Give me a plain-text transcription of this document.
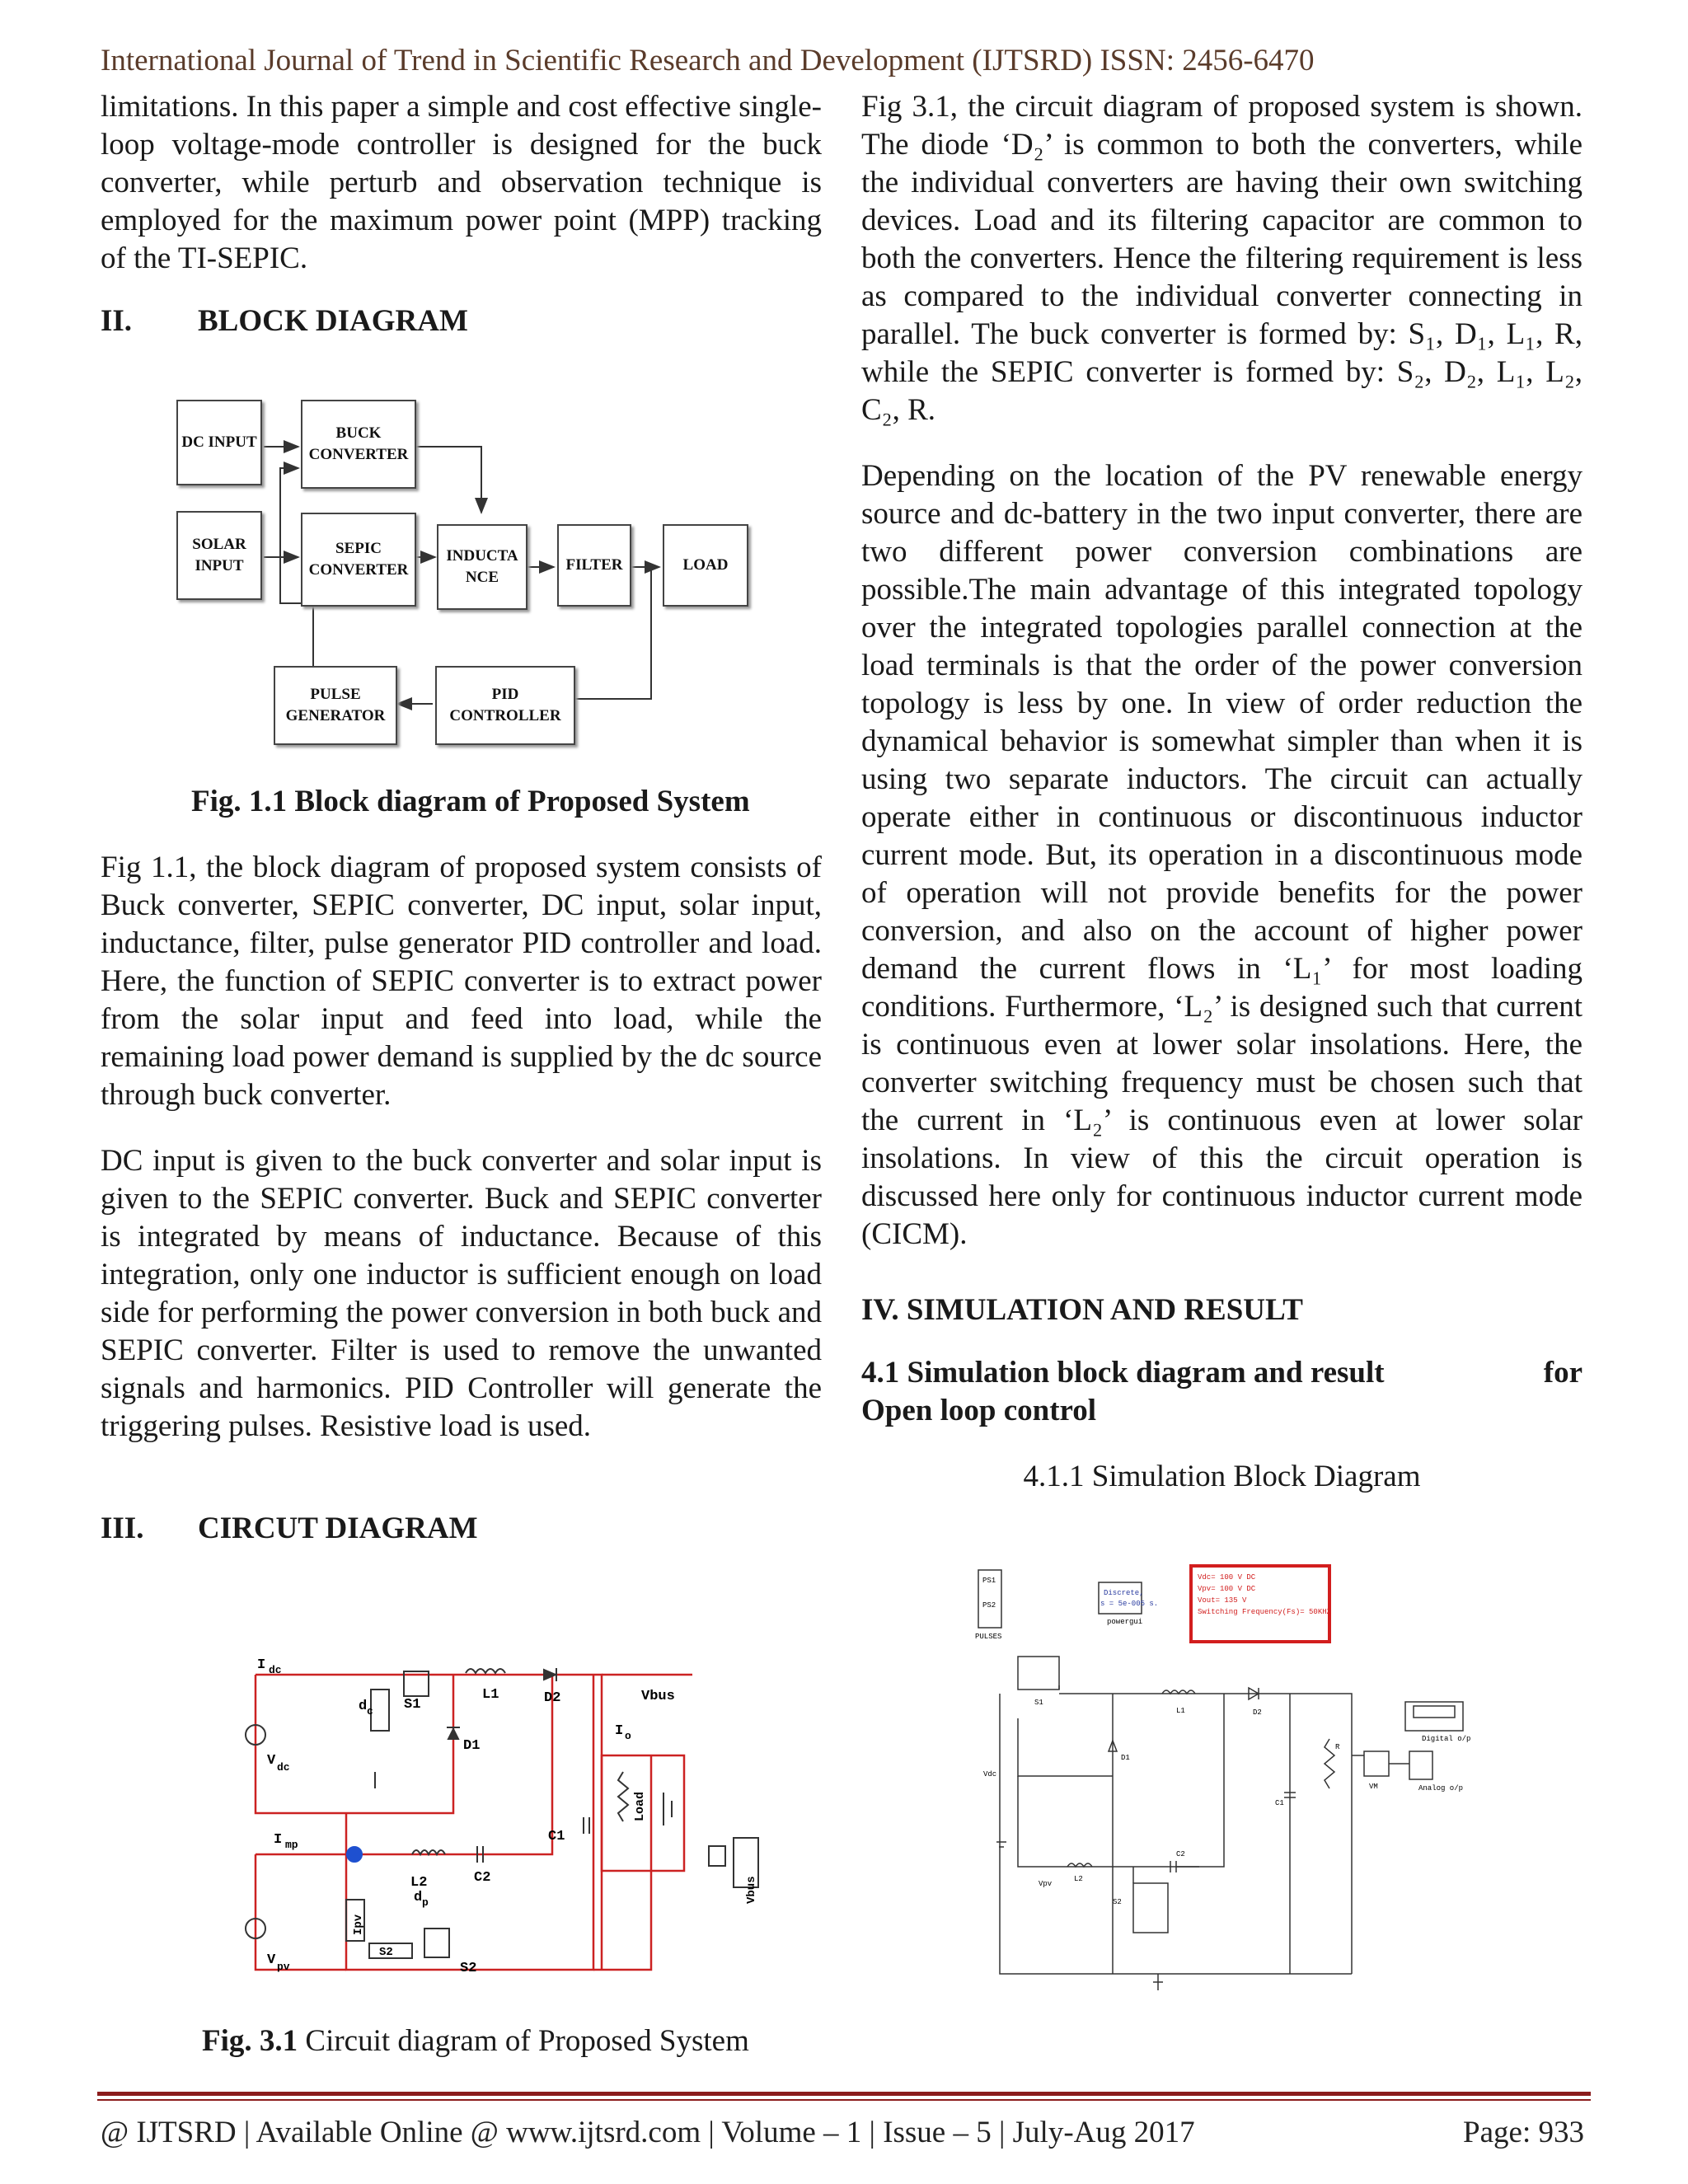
International Journal of Trend in Scientific Research and Development (IJTSRD) ISSN: 2456-6470

limitations. In this paper a simple and cost effective single-loop voltage-mode controller is designed for the buck converter, while perturb and observation technique is employed for the maximum power point (MPP) tracking of the TI-SEPIC.

II. BLOCK DIAGRAM
DC INPUT
BUCK
CONVERTER
SOLAR
INPUT
SEPIC
CONVERTER
INDUCTA
NCE
FILTER	LOAD
PULSE
GENERATOR
PID
CONTROLLER
Fig. 1.1 Block diagram of Proposed System

Fig 1.1, the block diagram of proposed system consists of Buck converter, SEPIC converter, DC input, solar input, inductance, filter, pulse generator PID controller and load. Here, the function of SEPIC converter is to extract power from the solar input and feed into load, while the remaining load power demand is supplied by the dc source through buck converter.

DC input is given to the buck converter and solar input is given to the SEPIC converter. Buck and SEPIC converter is integrated by means of inductance. Because of this integration, only one inductor is sufficient enough on load side for performing the power conversion in both buck and SEPIC converter. Filter is used to remove the unwanted signals and harmonics. PID Controller will generate the triggering pulses. Resistive load is used.

III. CIRCUT DIAGRAM
I dc
V dc
S1
d c
L1	D2
D1
Vbus
I o
I mp
L2	C2
C1
Load
Ipv
d p
S2
S2
V pv
Vbus
Fig. 3.1 Circuit diagram of Proposed System

Fig 3.1, the circuit diagram of proposed system is shown. The diode ‘D₂’ is common to both the converters, while the individual converters are having their own switching devices. Load and its filtering capacitor are common to both the converters. Hence the filtering requirement is less as compared to the individual converter connecting in parallel. The buck converter is formed by: S₁, D₁, L₁, R, while the SEPIC converter is formed by: S₂, D₂, L₁, L₂, C₂, R.

Depending on the location of the PV renewable energy source and dc-battery in the two input converter, there are two different power conversion combinations are possible.The main advantage of this integrated topology over the integrated topologies parallel connection at the load terminals is that the order of the power conversion topology is less by one. In view of order reduction the dynamical behavior is somewhat simpler than when it is using two separate inductors. The circuit can actually operate either in continuous or discontinuous inductor current mode. But, its operation in a discontinuous mode of operation will not provide benefits for the power conversion, and also on the account of higher power demand the current flows in ‘L₁’ for most loading conditions. Furthermore, ‘L₂’ is designed such that current is continuous even at lower solar insolations. Here, the converter switching frequency must be chosen such that the current in ‘L₂’ is continuous even at lower solar insolations. In view of this the circuit operation is discussed here only for continuous inductor current mode (CICM).

IV. SIMULATION AND RESULT
4.1 Simulation block diagram and result	for

Open loop control
4.1.1 Simulation Block Diagram
PS1
PS2
PULSES
Discrete,
s = 5e-005 s.
powergui
Vdc= 100 V DC
Vpv= 100 V DC
Vout= 135 V
Switching Frequency(Fs)= 50KHZ
S1
L1	D2
Vdc
D1
C2
C1
R
VM
Digital o/p
Analog o/p
L2
Vpv
S2
@ IJTSRD | Available Online @ www.ijtsrd.com | Volume – 1 | Issue – 5 | July-Aug 2017	Page: 933
